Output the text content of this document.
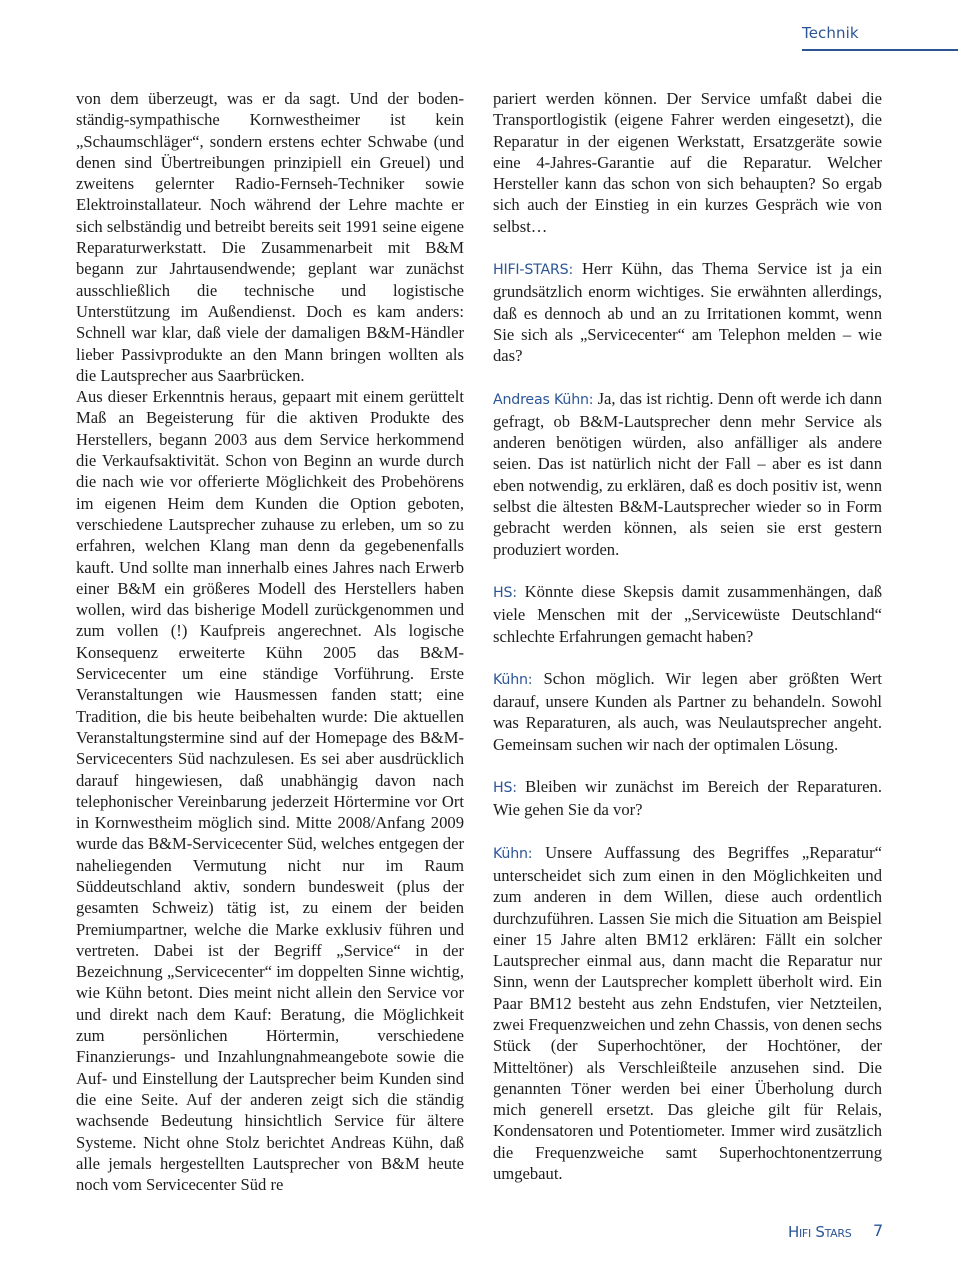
Technik

von dem überzeugt, was er da sagt. Und der bodenständig-sympathische Kornwestheimer ist kein „Schaumschläger“, sondern erstens echter Schwabe (und denen sind Übertreibungen prinzipiell ein Greuel) und zweitens gelernter Radio-Fernseh-Techniker sowie Elektroinstallateur. Noch während der Lehre machte er sich selbständig und betreibt bereits seit 1991 seine eigene Reparaturwerkstatt. Die Zusammenarbeit mit B&M begann zur Jahrtausendwende; geplant war zunächst ausschließlich die technische und logistische Unterstützung im Außendienst. Doch es kam anders: Schnell war klar, daß viele der damaligen B&M-Händler lieber Passivprodukte an den Mann bringen wollten als die Lautsprecher aus Saarbrücken.

Aus dieser Erkenntnis heraus, gepaart mit einem gerüttelt Maß an Begeisterung für die aktiven Produkte des Herstellers, begann 2003 aus dem Service herkommend die Verkaufsaktivität. Schon von Beginn an wurde durch die nach wie vor offerierte Möglichkeit des Probehörens im eigenen Heim dem Kunden die Option geboten, verschiedene Lautsprecher zuhause zu erleben, um so zu erfahren, welchen Klang man denn da gegebenenfalls kauft. Und sollte man innerhalb eines Jahres nach Erwerb einer B&M ein größeres Modell des Herstellers haben wollen, wird das bisherige Modell zurückgenommen und zum vollen (!) Kaufpreis angerechnet. Als logische Konsequenz erweiterte Kühn 2005 das B&M-Servicecenter um eine ständige Vorführung. Erste Veranstaltungen wie Hausmessen fanden statt; eine Tradition, die bis heute beibehalten wurde: Die aktuellen Veranstaltungstermine sind auf der Homepage des B&M-Servicecenters Süd nachzulesen. Es sei aber ausdrücklich darauf hingewiesen, daß unabhängig davon nach telephonischer Vereinbarung jederzeit Hörtermine vor Ort in Kornwestheim möglich sind. Mitte 2008/Anfang 2009 wurde das B&M-Servicecenter Süd, welches entgegen der naheliegenden Vermutung nicht nur im Raum Süddeutschland aktiv, sondern bundesweit (plus der gesamten Schweiz) tätig ist, zu einem der beiden Premiumpartner, welche die Marke exklusiv führen und vertreten. Dabei ist der Begriff „Service“ in der Bezeichnung „Servicecenter“ im doppelten Sinne wichtig, wie Kühn betont. Dies meint nicht allein den Service vor und direkt nach dem Kauf: Beratung, die Möglichkeit zum persönlichen Hörtermin, verschiedene Finanzierungs- und Inzahlungnahmeangebote sowie die Auf- und Einstellung der Lautsprecher beim Kunden sind die eine Seite. Auf der anderen zeigt sich die ständig wachsende Bedeutung hinsichtlich Service für ältere Systeme. Nicht ohne Stolz berichtet Andreas Kühn, daß alle jemals hergestellten Lautsprecher von B&M heute noch vom Servicecenter Süd re

pariert werden können. Der Service umfaßt dabei die Transportlogistik (eigene Fahrer werden eingesetzt), die Reparatur in der eigenen Werkstatt, Ersatzgeräte sowie eine 4-Jahres-Garantie auf die Reparatur. Welcher Hersteller kann das schon von sich behaupten? So ergab sich auch der Einstieg in ein kurzes Gespräch wie von selbst…

HIFI-STARS: Herr Kühn, das Thema Service ist ja ein grundsätzlich enorm wichtiges. Sie erwähnten allerdings, daß es dennoch ab und an zu Irritationen kommt, wenn Sie sich als „Servicecenter“ am Telephon melden – wie das?

Andreas Kühn: Ja, das ist richtig. Denn oft werde ich dann gefragt, ob B&M-Lautsprecher denn mehr Service als anderen benötigen würden, also anfälliger als andere seien. Das ist natürlich nicht der Fall – aber es ist dann eben notwendig, zu erklären, daß es doch positiv ist, wenn selbst die ältesten B&M-Lautsprecher wieder so in Form gebracht werden können, als seien sie erst gestern produziert worden.

HS: Könnte diese Skepsis damit zusammenhängen, daß viele Menschen mit der „Servicewüste Deutschland“ schlechte Erfahrungen gemacht haben?

Kühn: Schon möglich. Wir legen aber größten Wert darauf, unsere Kunden als Partner zu behandeln. Sowohl was Reparaturen, als auch, was Neulautsprecher angeht. Gemeinsam suchen wir nach der optimalen Lösung.

HS: Bleiben wir zunächst im Bereich der Reparaturen. Wie gehen Sie da vor?

Kühn: Unsere Auffassung des Begriffes „Reparatur“ unterscheidet sich zum einen in den Möglichkeiten und zum anderen in dem Willen, diese auch ordentlich durchzuführen. Lassen Sie mich die Situation am Beispiel einer 15 Jahre alten BM12 erklären: Fällt ein solcher Lautsprecher einmal aus, dann macht die Reparatur nur Sinn, wenn der Lautsprecher komplett überholt wird. Ein Paar BM12 besteht aus zehn Endstufen, vier Netzteilen, zwei Frequenzweichen und zehn Chassis, von denen sechs Stück (der Superhochtöner, der Hochtöner, der Mitteltöner) als Verschleißteile anzusehen sind. Die genannten Töner werden bei einer Überholung durch mich generell ersetzt. Das gleiche gilt für Relais, Kondensatoren und Potentiometer. Immer wird zusätzlich die Frequenzweiche samt Superhochtonentzerrung umgebaut.

Hifi Stars 7
